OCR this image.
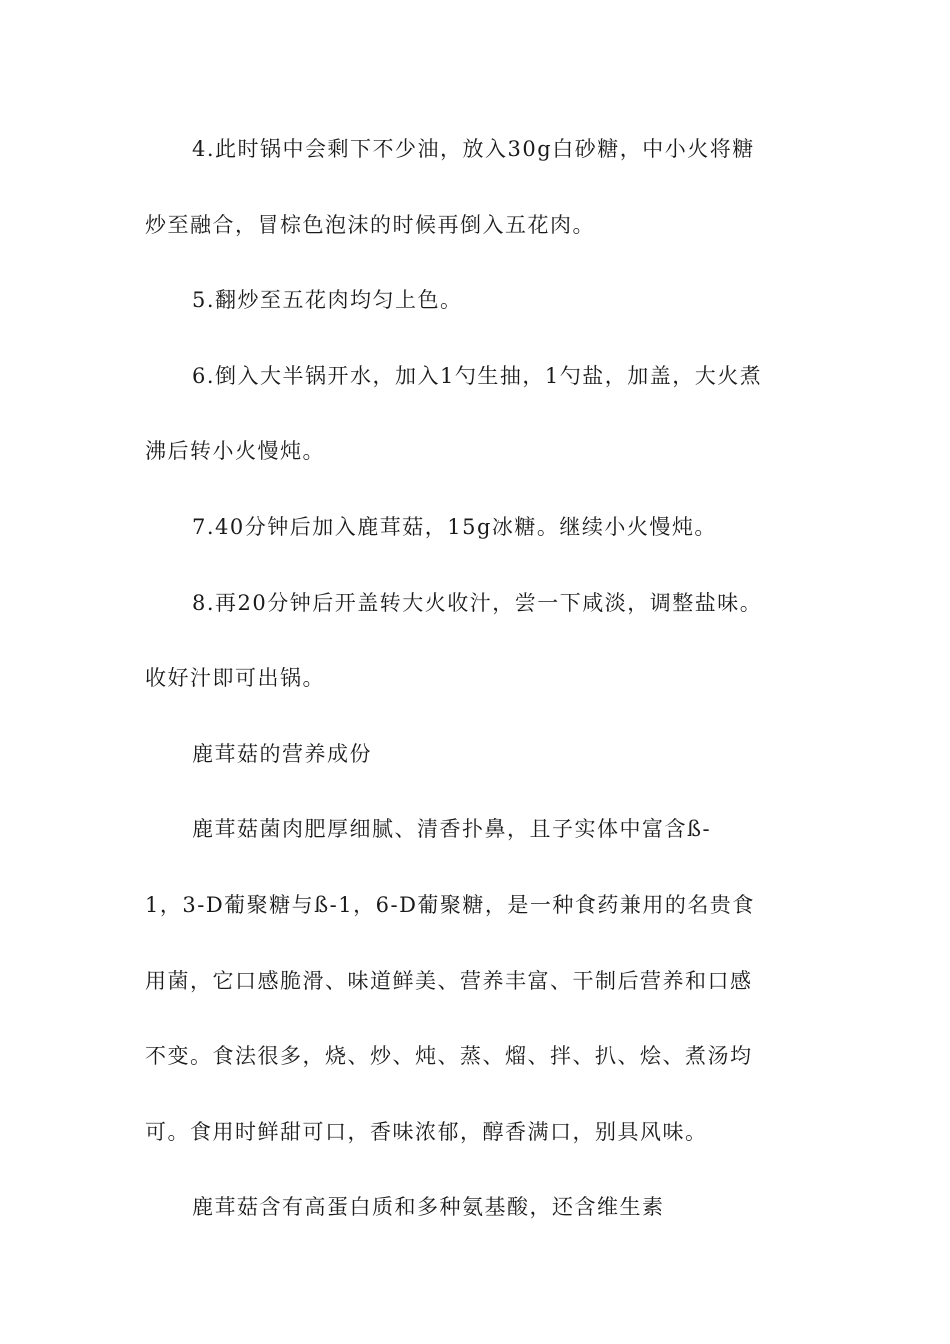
4.此时锅中会剩下不少油，放入30g白砂糖，中小火将糖
炒至融合，冒棕色泡沫的时候再倒入五花肉。
5.翻炒至五花肉均匀上色。
6.倒入大半锅开水，加入1勺生抽，1勺盐，加盖，大火煮
沸后转小火慢炖。
7.40分钟后加入鹿茸菇，15g冰糖。继续小火慢炖。
8.再20分钟后开盖转大火收汁，尝一下咸淡，调整盐味。
收好汁即可出锅。
鹿茸菇的营养成份
鹿茸菇菌肉肥厚细腻、清香扑鼻，且子实体中富含ß-
1，3-D葡聚糖与ß-1，6-D葡聚糖，是一种食药兼用的名贵食
用菌，它口感脆滑、味道鲜美、营养丰富、干制后营养和口感
不变。食法很多，烧、炒、炖、蒸、熘、拌、扒、烩、煮汤均
可。食用时鲜甜可口，香味浓郁，醇香满口，别具风味。
鹿茸菇含有高蛋白质和多种氨基酸，还含维生素
